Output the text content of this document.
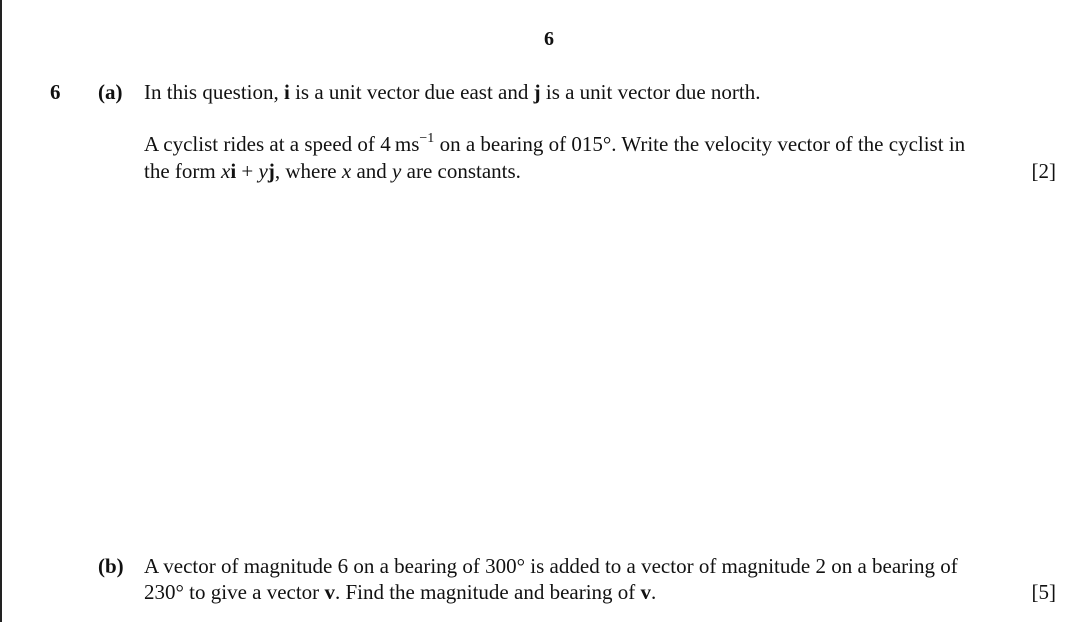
6
6 (a) In this question, i is a unit vector due east and j is a unit vector due north.
A cyclist rides at a speed of 4 $ms^{-1}$ on a bearing of 015°. Write the velocity vector of the cyclist in
the form xi + yj, where x and y are constants.	[2]
(b) A vector of magnitude 6 on a bearing of 300° is added to a vector of magnitude 2 on a bearing of
230° to give a vector v. Find the magnitude and bearing of v.	[5]
